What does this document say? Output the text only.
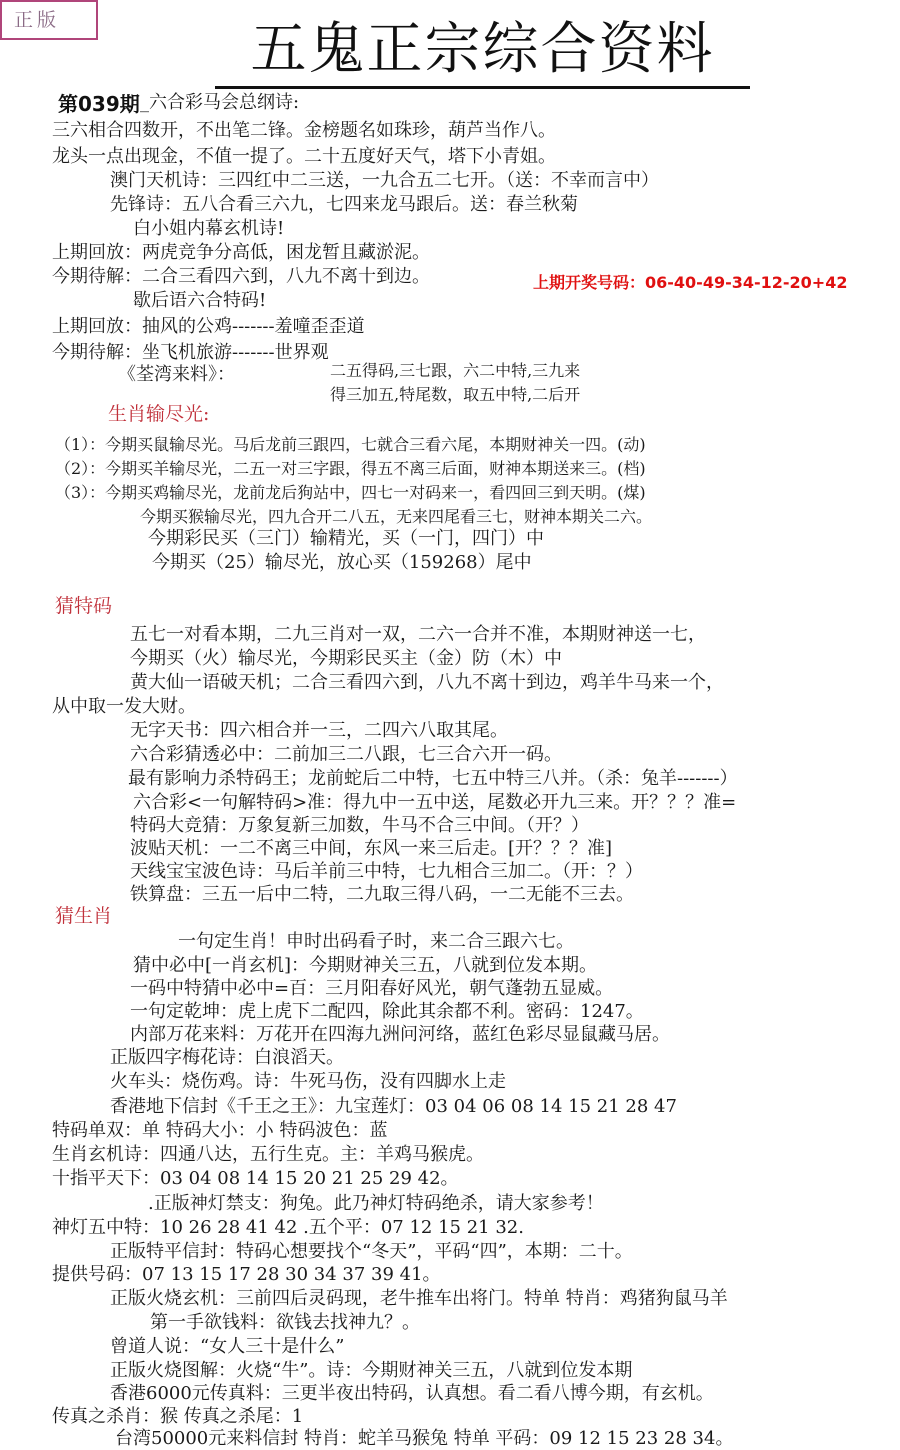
正版	五鬼正宗综合资料
第039期
上期开奖号码：06-40-49-34-12-20+42
生肖输尽光:
猜特码
猜生肖
_六合彩马会总纲诗:
三六相合四数开，不出笔二锋。金榜题名如珠珍，葫芦当作八。
龙头一点出现金，不值一提了。二十五度好天气，塔下小青姐。
澳门天机诗：三四红中二三送，一九合五二七开。（送：不幸而言中）
先锋诗：五八合看三六九，七四来龙马跟后。送：春兰秋菊
白小姐内幕玄机诗!
上期回放：两虎竞争分高低，困龙暂且藏淤泥。
今期待解：二合三看四六到，八九不离十到边。
歇后语六合特码!
上期回放：抽风的公鸡-------羞噇歪歪道
今期待解：坐飞机旅游-------世界观
《荃湾来料》：	二五得码,三七跟，六二中特,三九来
得三加五,特尾数，取五中特,二后开
（1）：今期买鼠输尽光。马后龙前三跟四，七就合三看六尾，本期财神关一四。(动)
（2）：今期买羊输尽光，二五一对三字跟，得五不离三后面，财神本期送来三。(档)
（3）：今期买鸡输尽光，龙前龙后狗站中，四七一对码来一，看四回三到天明。(煤)
今期买猴输尽光，四九合开二八五，无来四尾看三七，财神本期关二六。
今期彩民买（三门）输精光，买（一门，四门）中
今期买（25）输尽光，放心买（159268）尾中
五七一对看本期，二九三肖对一双，二六一合并不准，本期财神送一七，
今期买（火）输尽光，今期彩民买主（金）防（木）中
黄大仙一语破天机；二合三看四六到，八九不离十到边，鸡羊牛马来一个，
从中取一发大财。
无字天书：四六相合并一三，二四六八取其尾。
六合彩猜透必中：二前加三二八跟，七三合六开一码。
最有影响力杀特码王；龙前蛇后二中特，七五中特三八并。（杀：兔羊-------）
六合彩<一句解特码>准：得九中一五中送，尾数必开九三来。开？？？准=
特码大竞猜：万象复新三加数，牛马不合三中间。（开？）
波贴天机：一二不离三中间，东风一来三后走。[开？？？准]
天线宝宝波色诗：马后羊前三中特，七九相合三加二。（开：？）
铁算盘：三五一后中二特，二九取三得八码，一二无能不三去。
一句定生肖！申时出码看子时，来二合三跟六七。
猜中必中[一肖玄机]：今期财神关三五，八就到位发本期。
一码中特猜中必中=百：三月阳春好风光，朝气蓬勃五显威。
一句定乾坤：虎上虎下二配四，除此其余都不利。密码：1247。
内部万花来料：万花开在四海九洲问河络，蓝红色彩尽显鼠藏马居。
正版四字梅花诗：白浪滔天。
火车头：烧伤鸡。诗：牛死马伤，没有四脚水上走
香港地下信封《千王之王》：九宝莲灯：03 04 06 08 14 15 21 28 47
特码单双：单 特码大小：小 特码波色：蓝
生肖玄机诗：四通八达，五行生克。主：羊鸡马猴虎。
十指平天下：03 04 08 14 15 20 21 25 29 42。
.正版神灯禁支：狗兔。此乃神灯特码绝杀，请大家参考！
神灯五中特：10 26 28 41 42 .五个平：07 12 15 21 32.
正版特平信封：特码心想要找个“冬天”，平码“四”，本期：二十。
提供号码：07 13 15 17 28 30 34 37 39 41。
正版火烧玄机：三前四后灵码现，老牛推车出将门。特单 特肖：鸡猪狗鼠马羊
第一手欲钱料：欲钱去找神九？。
曾道人说：“女人三十是什么”
正版火烧图解：火烧“牛”。诗：今期财神关三五，八就到位发本期
香港6000元传真料：三更半夜出特码，认真想。看二看八博今期，有玄机。
传真之杀肖：猴 传真之杀尾：1
台湾50000元来料信封 特肖：蛇羊马猴兔 特单 平码：09 12 15 23 28 34。
